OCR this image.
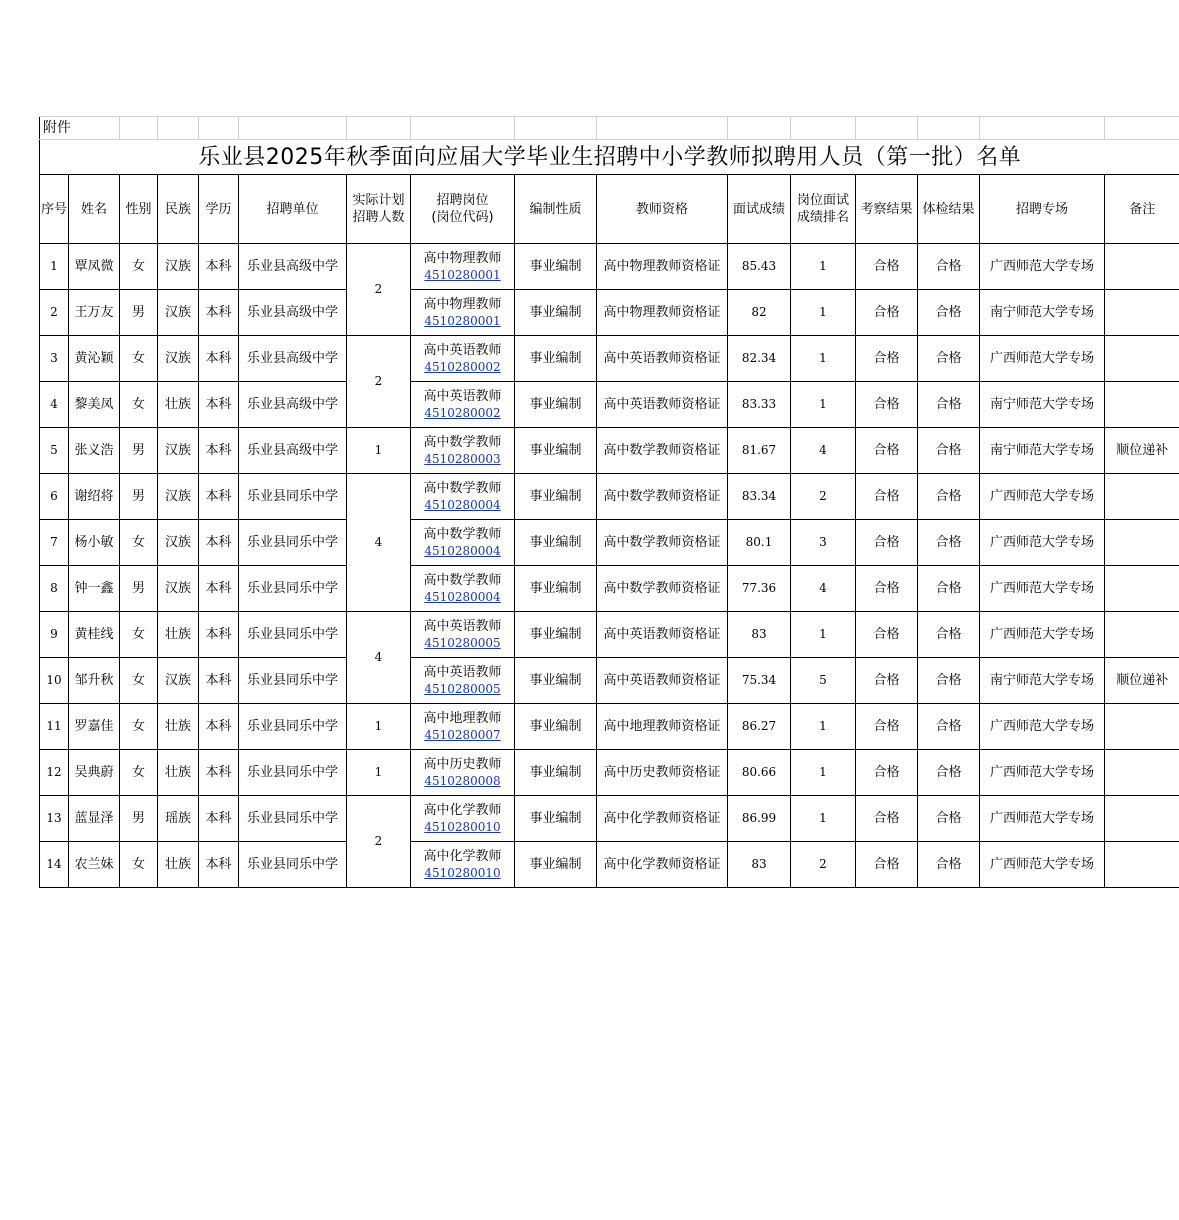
附件															
乐业县2025年秋季面向应届大学毕业生招聘中小学教师拟聘用人员（第一批）名单															
序号	姓名	性别	民族	学历	招聘单位	实际计划
招聘人数	招聘岗位
(岗位代码)	编制性质	教师资格	面试成绩	岗位面试
成绩排名	考察结果	体检结果	招聘专场	备注
1	覃凤微	女	汉族	本科	乐业县高级中学	2	高中物理教师
4510280001	事业编制	高中物理教师资格证	85.43	1	合格	合格	广西师范大学专场	
2	王万友	男	汉族	本科	乐业县高级中学		高中物理教师
4510280001	事业编制	高中物理教师资格证	82	1	合格	合格	南宁师范大学专场	
3	黄沁颖	女	汉族	本科	乐业县高级中学	2	高中英语教师
4510280002	事业编制	高中英语教师资格证	82.34	1	合格	合格	广西师范大学专场	
4	黎美凤	女	壮族	本科	乐业县高级中学		高中英语教师
4510280002	事业编制	高中英语教师资格证	83.33	1	合格	合格	南宁师范大学专场	
5	张义浩	男	汉族	本科	乐业县高级中学	1	高中数学教师
4510280003	事业编制	高中数学教师资格证	81.67	4	合格	合格	南宁师范大学专场	顺位递补
6	谢绍将	男	汉族	本科	乐业县同乐中学	4	高中数学教师
4510280004	事业编制	高中数学教师资格证	83.34	2	合格	合格	广西师范大学专场	
7	杨小敏	女	汉族	本科	乐业县同乐中学		高中数学教师
4510280004	事业编制	高中数学教师资格证	80.1	3	合格	合格	广西师范大学专场	
8	钟一鑫	男	汉族	本科	乐业县同乐中学		高中数学教师
4510280004	事业编制	高中数学教师资格证	77.36	4	合格	合格	广西师范大学专场	
9	黄桂线	女	壮族	本科	乐业县同乐中学	4	高中英语教师
4510280005	事业编制	高中英语教师资格证	83	1	合格	合格	广西师范大学专场	
10	邹升秋	女	汉族	本科	乐业县同乐中学		高中英语教师
4510280005	事业编制	高中英语教师资格证	75.34	5	合格	合格	南宁师范大学专场	顺位递补
11	罗嘉佳	女	壮族	本科	乐业县同乐中学	1	高中地理教师
4510280007	事业编制	高中地理教师资格证	86.27	1	合格	合格	广西师范大学专场	
12	吴典蔚	女	壮族	本科	乐业县同乐中学	1	高中历史教师
4510280008	事业编制	高中历史教师资格证	80.66	1	合格	合格	广西师范大学专场	
13	蓝显泽	男	瑶族	本科	乐业县同乐中学	2	高中化学教师
4510280010	事业编制	高中化学教师资格证	86.99	1	合格	合格	广西师范大学专场	
14	农兰妹	女	壮族	本科	乐业县同乐中学		高中化学教师
4510280010	事业编制	高中化学教师资格证	83	2	合格	合格	广西师范大学专场	
